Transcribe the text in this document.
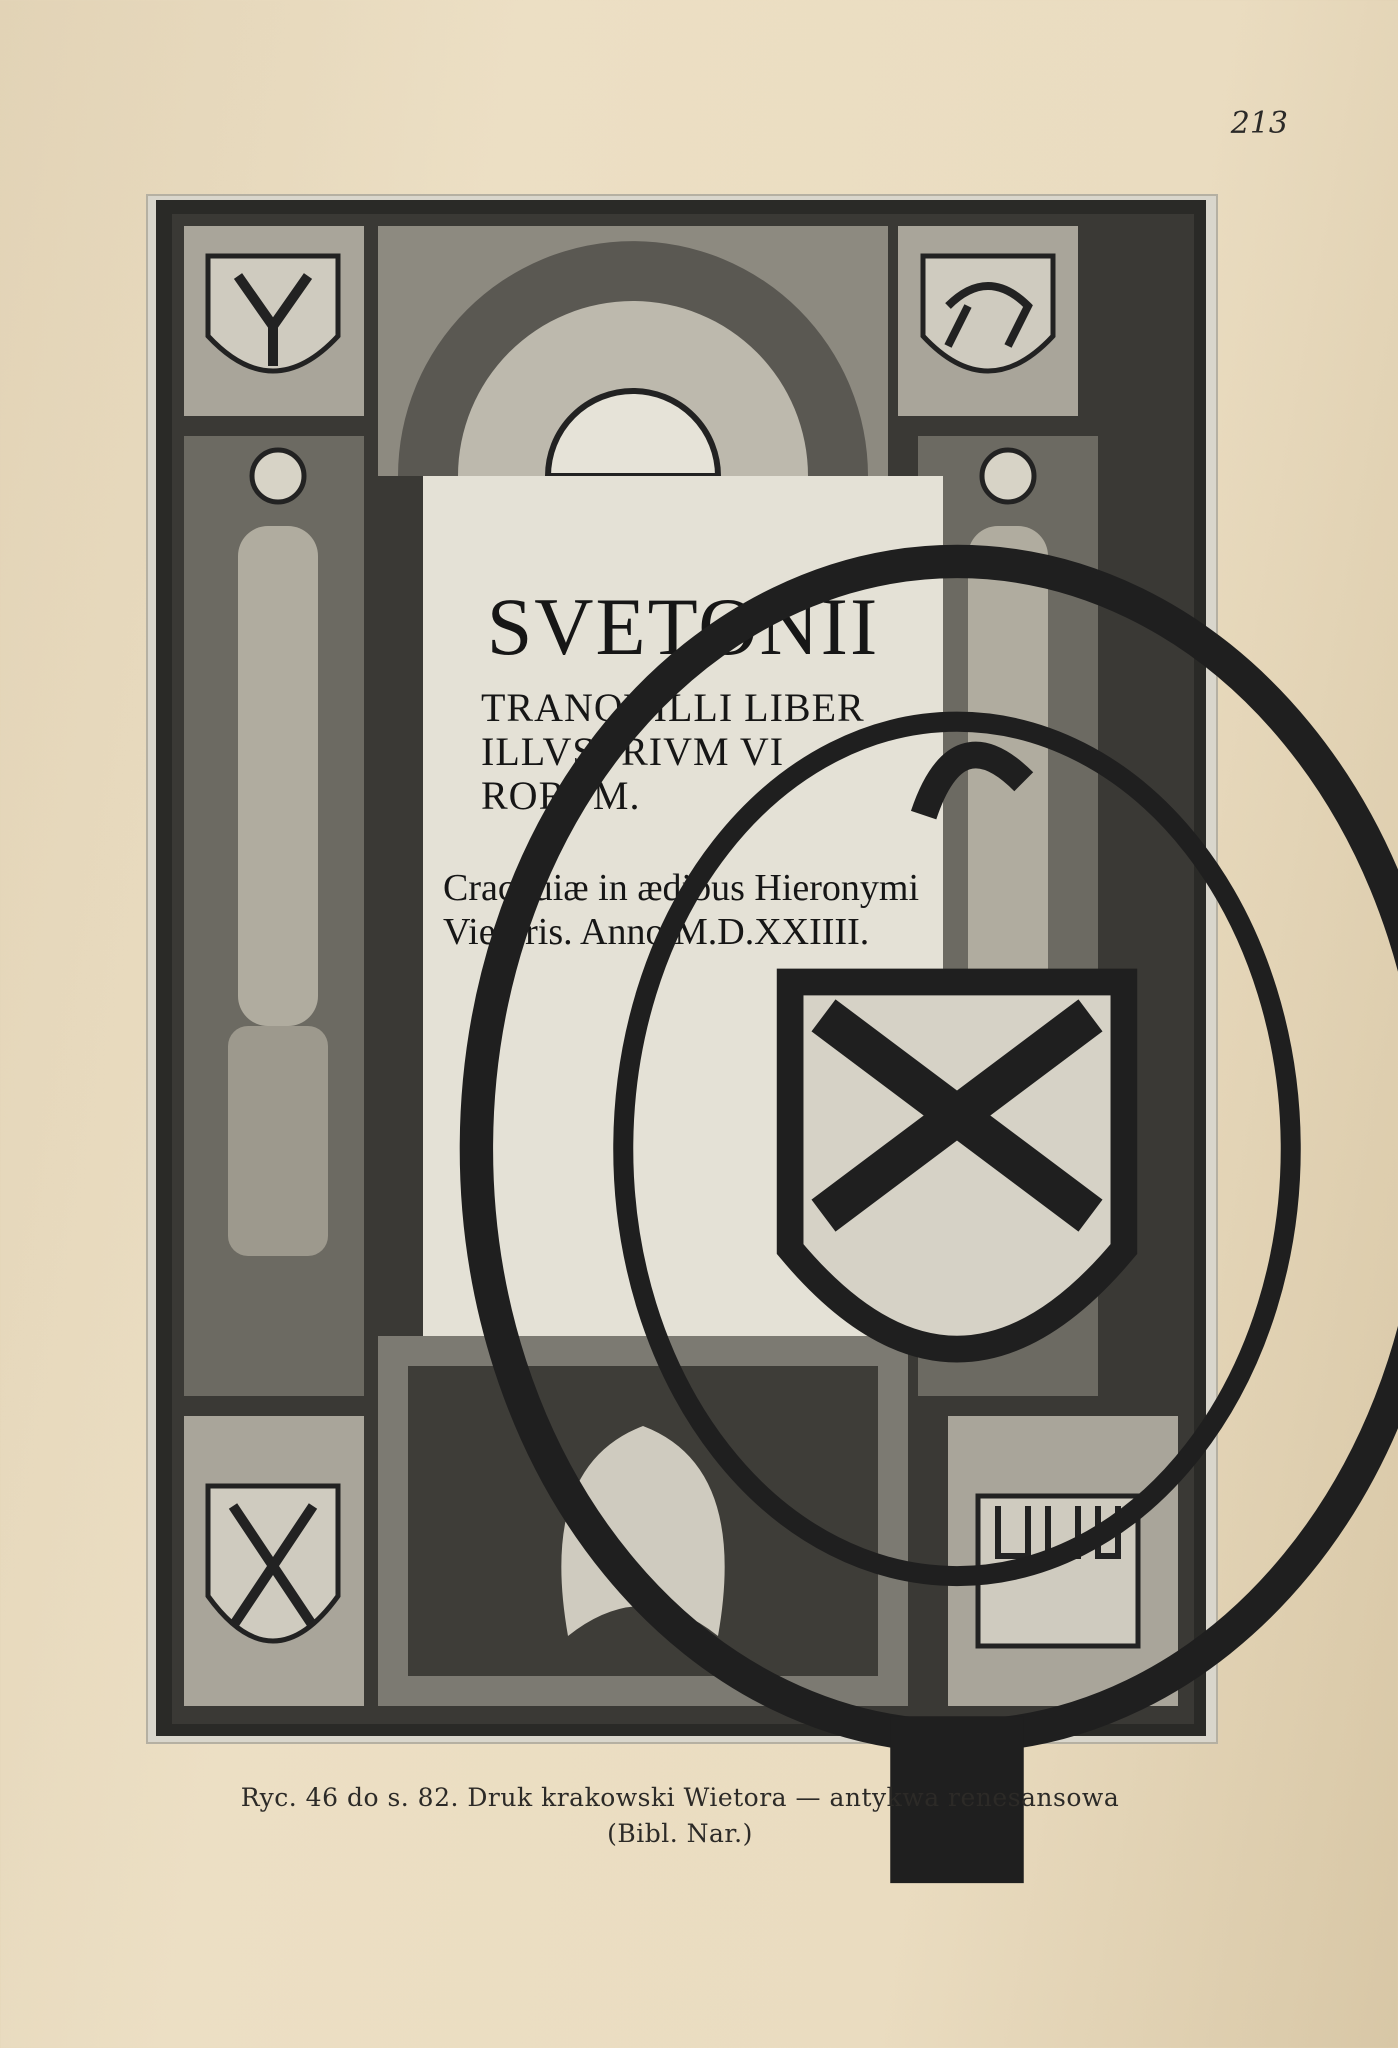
213
SVETONII
TRANQVILLI LIBER
ILLVSTRIVM VI
RORVM.
Cracouiæ in ædibus Hieronymi
Vietoris. Anno M.D.XXIIII.
Ryc. 46 do s. 82. Druk krakowski Wietora — antykwa renesansowa
(Bibl. Nar.)
